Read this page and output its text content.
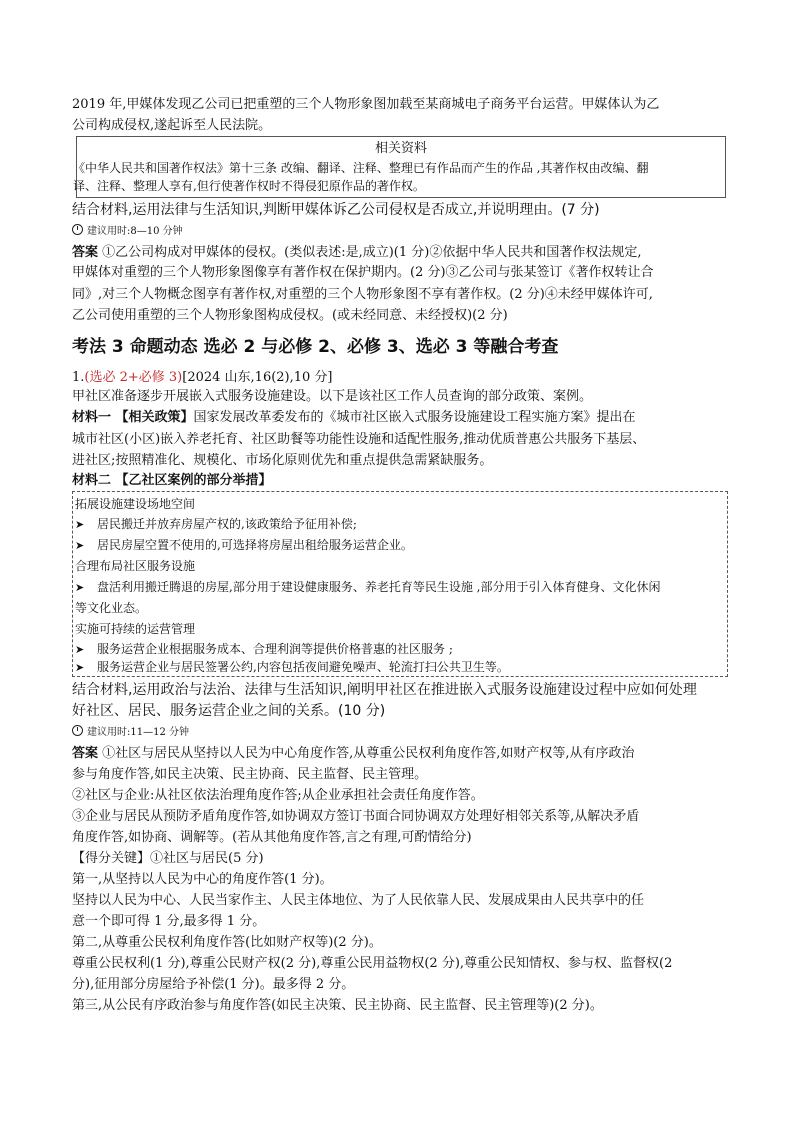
2019 年,甲媒体发现乙公司已把重塑的三个人物形象图加载至某商城电子商务平台运营。甲媒体认为乙
公司构成侵权,遂起诉至人民法院。
相关资料
《中华人民共和国著作权法》第十三条 改编、翻译、注释、整理已有作品而产生的作品 ,其著作权由改编、翻
译、注释、整理人享有,但行使著作权时不得侵犯原作品的著作权。
结合材料,运用法律与生活知识,判断甲媒体诉乙公司侵权是否成立,并说明理由。(7 分)
建议用时:8—10 分钟
答案 ①乙公司构成对甲媒体的侵权。(类似表述:是,成立)(1 分)②依据中华人民共和国著作权法规定,
甲媒体对重塑的三个人物形象图像享有著作权在保护期内。(2 分)③乙公司与张某签订《著作权转让合
同》,对三个人物概念图享有著作权,对重塑的三个人物形象图不享有著作权。(2 分)④未经甲媒体许可,
乙公司使用重塑的三个人物形象图构成侵权。(或未经同意、未经授权)(2 分)
考法 3 命题动态 选必 2 与必修 2、必修 3、选必 3 等融合考查
1.(选必 2+必修 3)[2024 山东,16(2),10 分]
甲社区准备逐步开展嵌入式服务设施建设。以下是该社区工作人员查询的部分政策、案例。
材料一 【相关政策】国家发展改革委发布的《城市社区嵌入式服务设施建设工程实施方案》提出在
城市社区(小区)嵌入养老托育、社区助餐等功能性设施和适配性服务,推动优质普惠公共服务下基层、
进社区;按照精准化、规模化、市场化原则优先和重点提供急需紧缺服务。
材料二 【乙社区案例的部分举措】
拓展设施建设场地空间
➤ 居民搬迁并放弃房屋产权的,该政策给予征用补偿;
➤ 居民房屋空置不使用的,可选择将房屋出租给服务运营企业。
合理布局社区服务设施
➤ 盘活利用搬迁腾退的房屋,部分用于建设健康服务、养老托育等民生设施 ,部分用于引入体育健身、文化休闲
等文化业态。
实施可持续的运营管理
➤ 服务运营企业根据服务成本、合理利润等提供价格普惠的社区服务 ;
➤ 服务运营企业与居民签署公约,内容包括夜间避免噪声、轮流打扫公共卫生等。
结合材料,运用政治与法治、法律与生活知识,阐明甲社区在推进嵌入式服务设施建设过程中应如何处理
好社区、居民、服务运营企业之间的关系。(10 分)
建议用时:11—12 分钟
答案 ①社区与居民从坚持以人民为中心角度作答,从尊重公民权利角度作答,如财产权等,从有序政治
参与角度作答,如民主决策、民主协商、民主监督、民主管理。
②社区与企业:从社区依法治理角度作答;从企业承担社会责任角度作答。
③企业与居民从预防矛盾角度作答,如协调双方签订书面合同协调双方处理好相邻关系等,从解决矛盾
角度作答,如协商、调解等。(若从其他角度作答,言之有理,可酌情给分)
【得分关键】①社区与居民(5 分)
第一,从坚持以人民为中心的角度作答(1 分)。
坚持以人民为中心、人民当家作主、人民主体地位、为了人民依靠人民、发展成果由人民共享中的任
意一个即可得 1 分,最多得 1 分。
第二,从尊重公民权利角度作答(比如财产权等)(2 分)。
尊重公民权利(1 分),尊重公民财产权(2 分),尊重公民用益物权(2 分),尊重公民知情权、参与权、监督权(2
分),征用部分房屋给予补偿(1 分)。最多得 2 分。
第三,从公民有序政治参与角度作答(如民主决策、民主协商、民主监督、民主管理等)(2 分)。
